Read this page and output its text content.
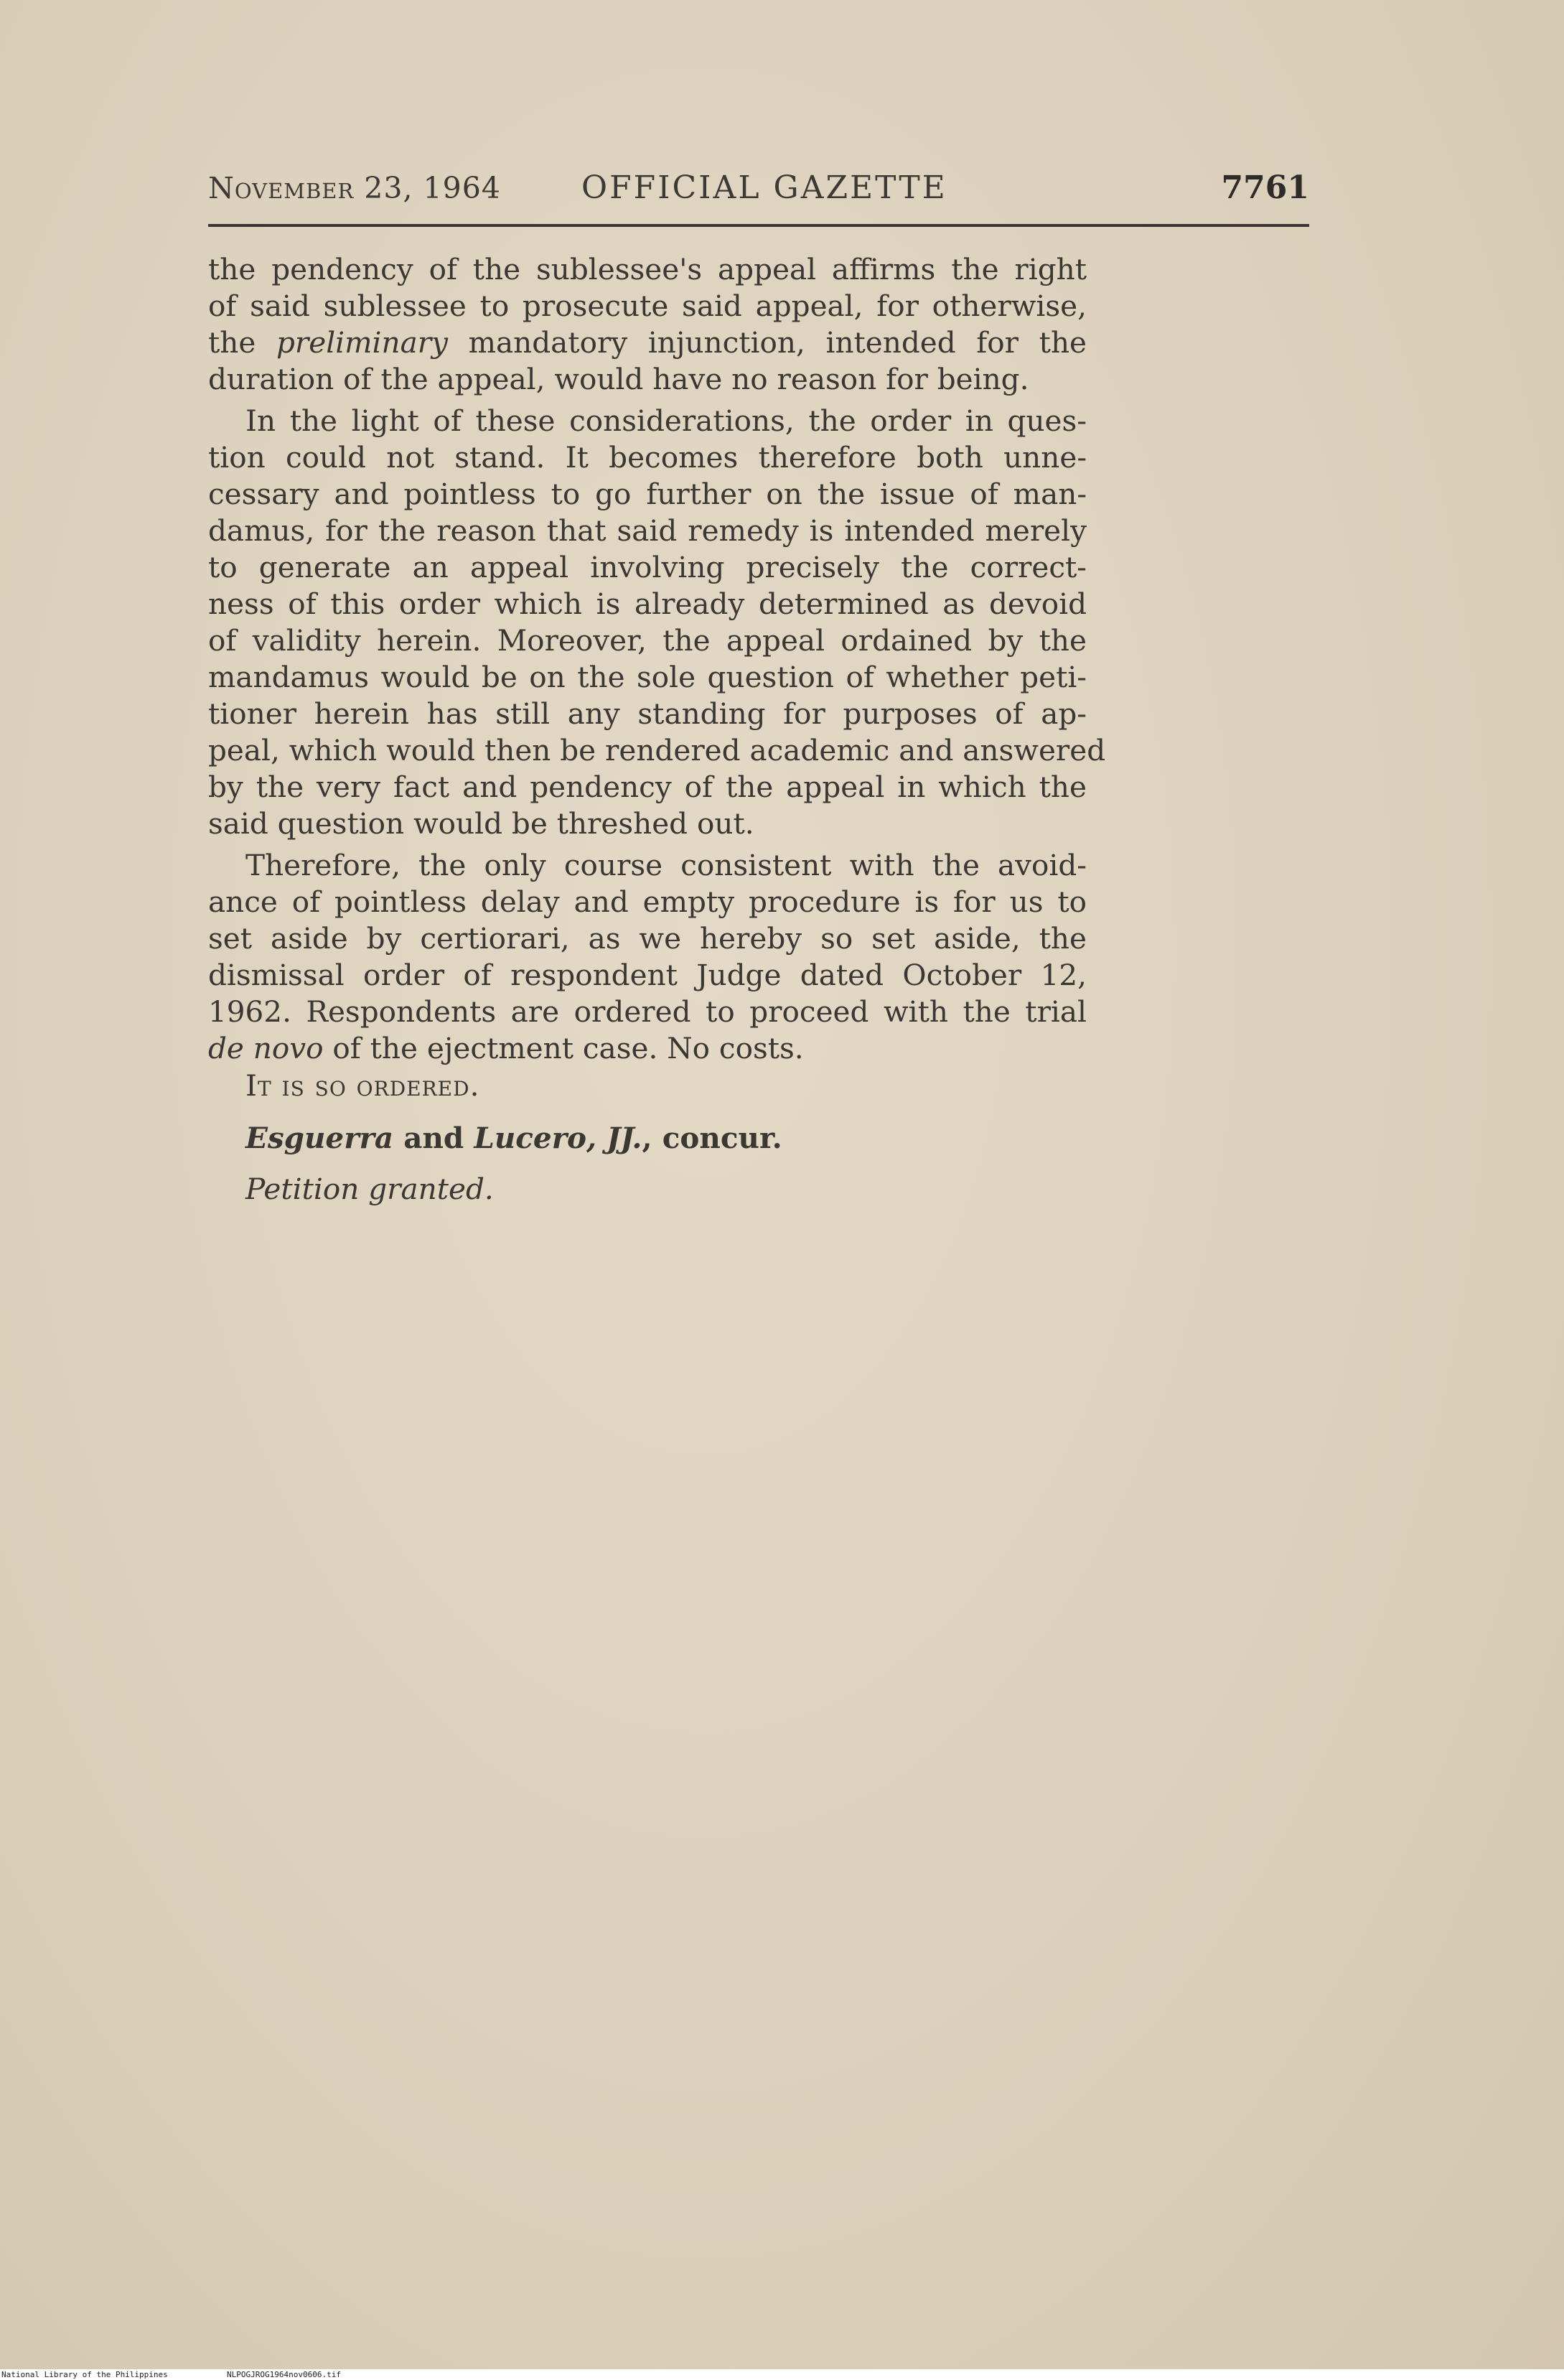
November 23, 1964	OFFICIAL GAZETTE	7761

the pendency of the sublessee's appeal affirms the right
of said sublessee to prosecute said appeal, for otherwise,
the preliminary mandatory injunction, intended for the
duration of the appeal, would have no reason for being.

In the light of these considerations, the order in ques-
tion could not stand. It becomes therefore both unne-
cessary and pointless to go further on the issue of man-
damus, for the reason that said remedy is intended merely
to generate an appeal involving precisely the correct-
ness of this order which is already determined as devoid
of validity herein. Moreover, the appeal ordained by the
mandamus would be on the sole question of whether peti-
tioner herein has still any standing for purposes of ap-
peal, which would then be rendered academic and answered
by the very fact and pendency of the appeal in which the
said question would be threshed out.

Therefore, the only course consistent with the avoid-
ance of pointless delay and empty procedure is for us to
set aside by certiorari, as we hereby so set aside, the
dismissal order of respondent Judge dated October 12,
1962. Respondents are ordered to proceed with the trial
de novo of the ejectment case. No costs.

It is so ordered.
Esguerra and Lucero, JJ., concur.
Petition granted.
National Library of the Philippines	NLPOGJROG1964nov0606.tif
